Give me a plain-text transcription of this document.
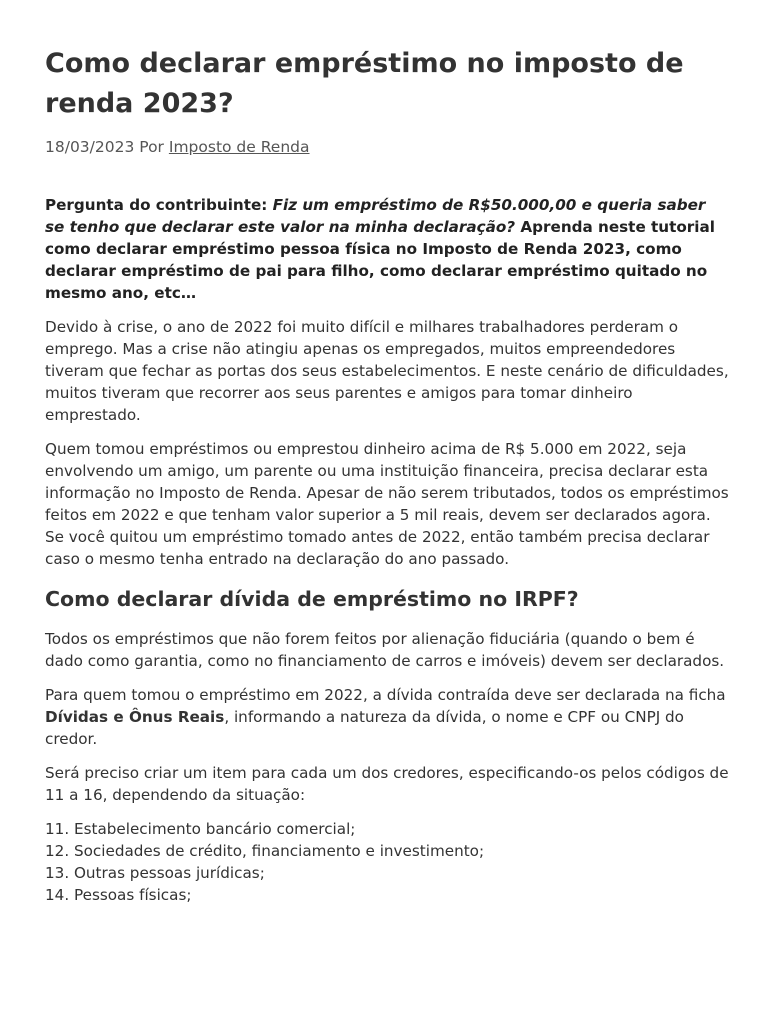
Como declarar empréstimo no imposto de renda 2023?
18/03/2023 Por Imposto de Renda

Pergunta do contribuinte: Fiz um empréstimo de R$50.000,00 e queria saber se tenho que declarar este valor na minha declaração? Aprenda neste tutorial como declarar empréstimo pessoa física no Imposto de Renda 2023, como declarar empréstimo de pai para filho, como declarar empréstimo quitado no mesmo ano, etc…

Devido à crise, o ano de 2022 foi muito difícil e milhares trabalhadores perderam o emprego. Mas a crise não atingiu apenas os empregados, muitos empreendedores tiveram que fechar as portas dos seus estabelecimentos. E neste cenário de dificuldades, muitos tiveram que recorrer aos seus parentes e amigos para tomar dinheiro emprestado.

Quem tomou empréstimos ou emprestou dinheiro acima de R$ 5.000 em 2022, seja envolvendo um amigo, um parente ou uma instituição financeira, precisa declarar esta informação no Imposto de Renda. Apesar de não serem tributados, todos os empréstimos feitos em 2022 e que tenham valor superior a 5 mil reais, devem ser declarados agora. Se você quitou um empréstimo tomado antes de 2022, então também precisa declarar caso o mesmo tenha entrado na declaração do ano passado.

Como declarar dívida de empréstimo no IRPF?

Todos os empréstimos que não forem feitos por alienação fiduciária (quando o bem é dado como garantia, como no financiamento de carros e imóveis) devem ser declarados.

Para quem tomou o empréstimo em 2022, a dívida contraída deve ser declarada na ficha Dívidas e Ônus Reais, informando a natureza da dívida, o nome e CPF ou CNPJ do credor.

Será preciso criar um item para cada um dos credores, especificando-os pelos códigos de 11 a 16, dependendo da situação:

11. Estabelecimento bancário comercial;
12. Sociedades de crédito, financiamento e investimento;
13. Outras pessoas jurídicas;
14. Pessoas físicas;
